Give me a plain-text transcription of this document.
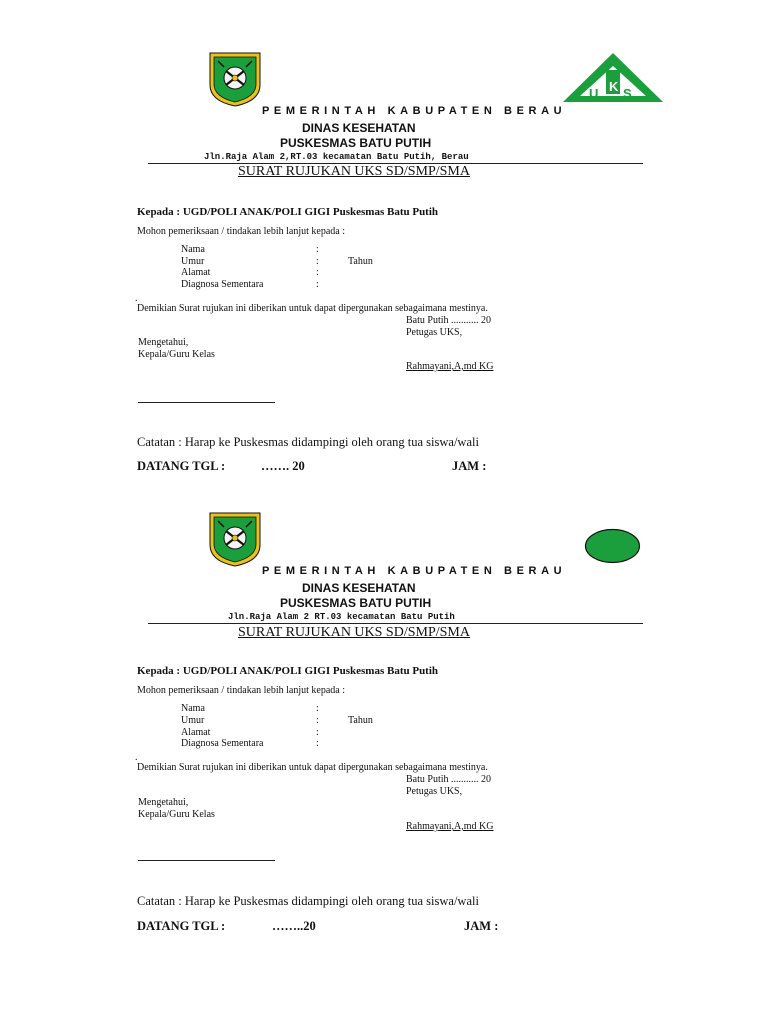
U K S
PEMERINTAH KABUPATEN BERAU
DINAS KESEHATAN
PUSKESMAS BATU PUTIH
Jln.Raja Alam 2,RT.03 kecamatan Batu Putih, Berau
SURAT RUJUKAN UKS SD/SMP/SMA
Kepada : UGD/POLI ANAK/POLI GIGI Puskesmas Batu Putih
Mohon pemeriksaan / tindakan lebih lanjut kepada :
Nama	:
Umur	:	Tahun
Alamat	:
Diagnosa Sementara	:
.
Demikian Surat rujukan ini diberikan untuk dapat dipergunakan sebagaimana mestinya.
Batu Putih ........... 20
Petugas UKS,
Mengetahui,
Kepala/Guru Kelas
Rahmayani,A,md KG
Catatan : Harap ke Puskesmas didampingi oleh orang tua siswa/wali
DATANG TGL :	……. 20	JAM :
PEMERINTAH KABUPATEN BERAU
DINAS KESEHATAN
PUSKESMAS BATU PUTIH
Jln.Raja Alam 2 RT.03 kecamatan Batu Putih
SURAT RUJUKAN UKS SD/SMP/SMA
Kepada : UGD/POLI ANAK/POLI GIGI Puskesmas Batu Putih
Mohon pemeriksaan / tindakan lebih lanjut kepada :
Nama	:
Umur	:	Tahun
Alamat	:
Diagnosa Sementara	:
.
Demikian Surat rujukan ini diberikan untuk dapat dipergunakan sebagaimana mestinya.
Batu Putih ........... 20
Petugas UKS,
Mengetahui,
Kepala/Guru Kelas
Rahmayani,A,md KG
Catatan : Harap ke Puskesmas didampingi oleh orang tua siswa/wali
DATANG TGL :	……..20	JAM :
